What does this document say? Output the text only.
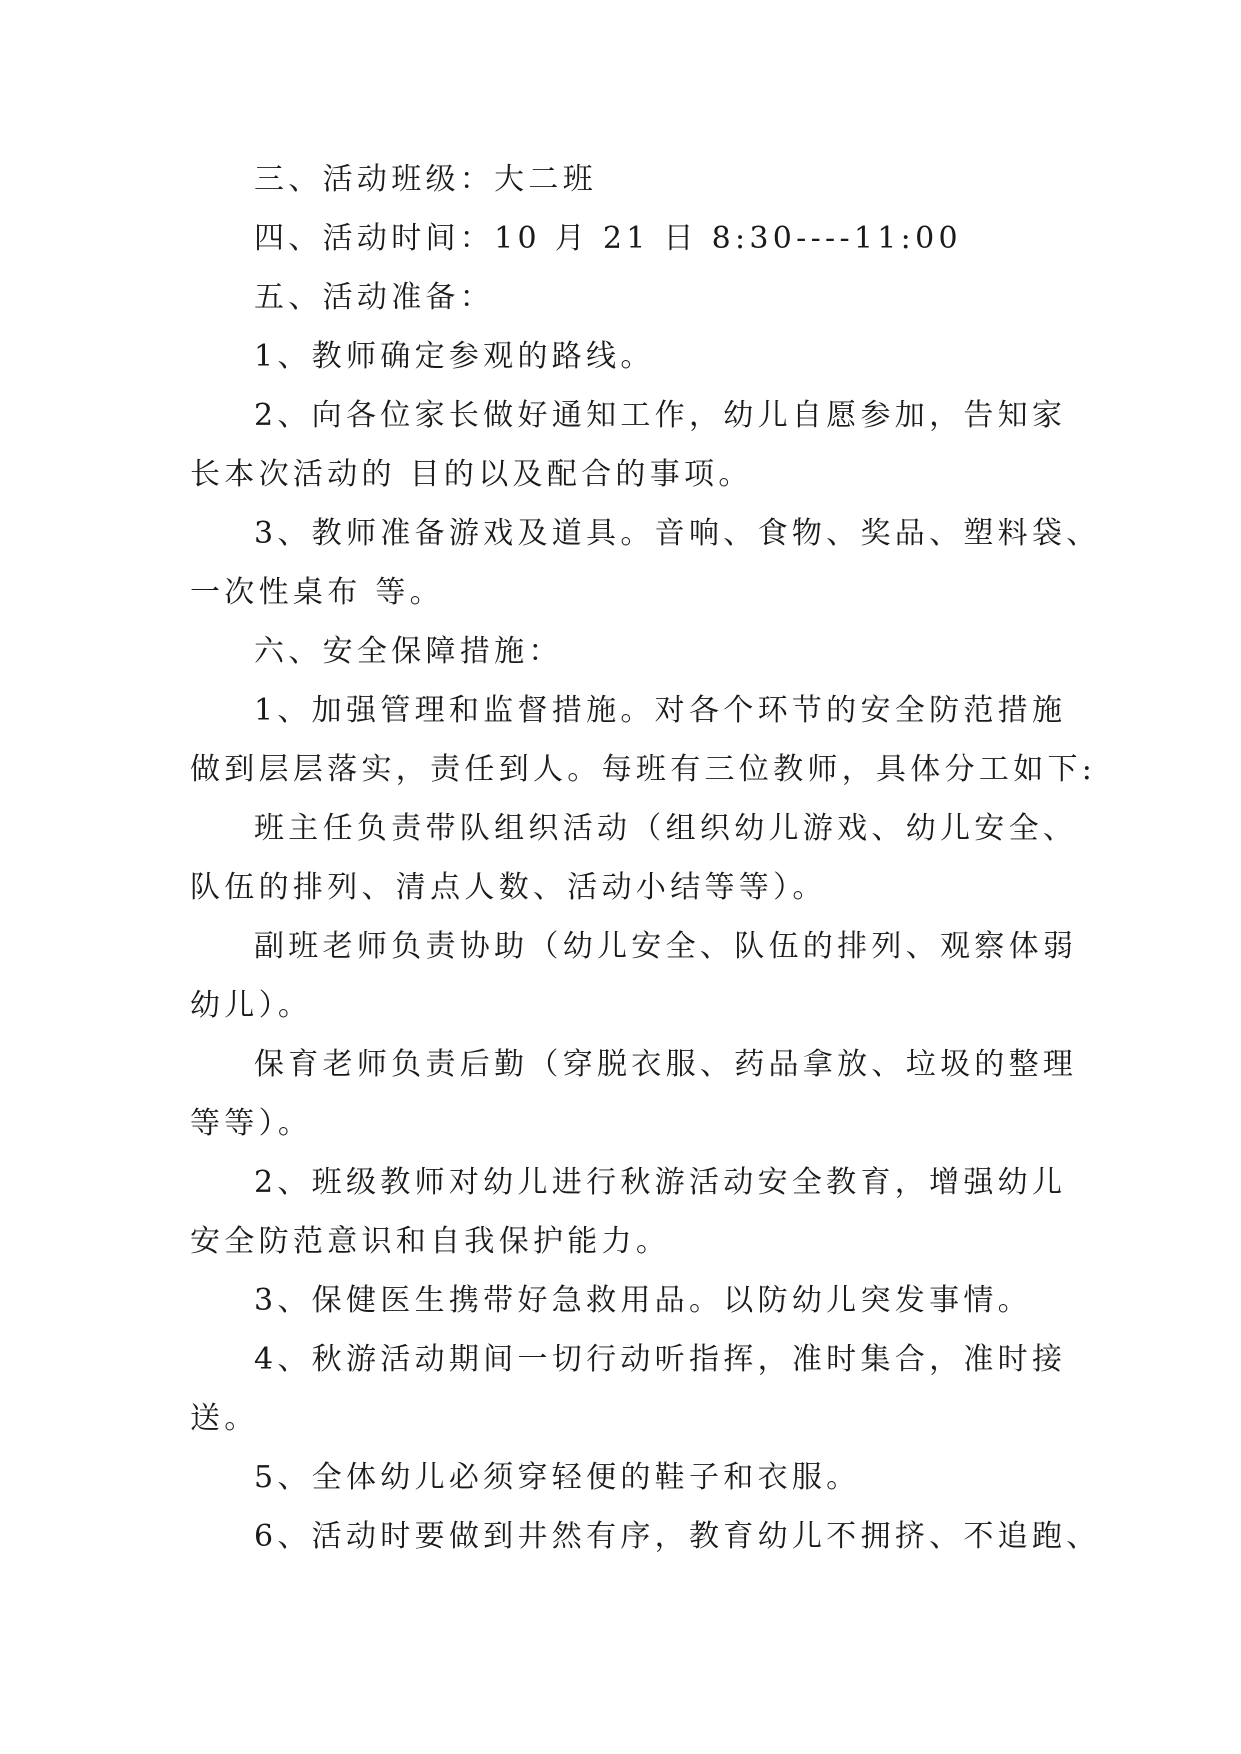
三、活动班级：大二班
四、活动时间：10 月 21 日 8:30----11:00
五、活动准备：
1、教师确定参观的路线。
2、向各位家长做好通知工作，幼儿自愿参加，告知家
长本次活动的 目的以及配合的事项。
3、教师准备游戏及道具。音响、食物、奖品、塑料袋、
一次性桌布 等。
六、安全保障措施：
1、加强管理和监督措施。对各个环节的安全防范措施
做到层层落实，责任到人。每班有三位教师，具体分工如下:
班主任负责带队组织活动（组织幼儿游戏、幼儿安全、
队伍的排列、清点人数、活动小结等等）。
副班老师负责协助（幼儿安全、队伍的排列、观察体弱
幼儿）。
保育老师负责后勤（穿脱衣服、药品拿放、垃圾的整理
等等）。
2、班级教师对幼儿进行秋游活动安全教育，增强幼儿
安全防范意识和自我保护能力。
3、保健医生携带好急救用品。以防幼儿突发事情。
4、秋游活动期间一切行动听指挥，准时集合，准时接
送。
5、全体幼儿必须穿轻便的鞋子和衣服。
6、活动时要做到井然有序，教育幼儿不拥挤、不追跑、
